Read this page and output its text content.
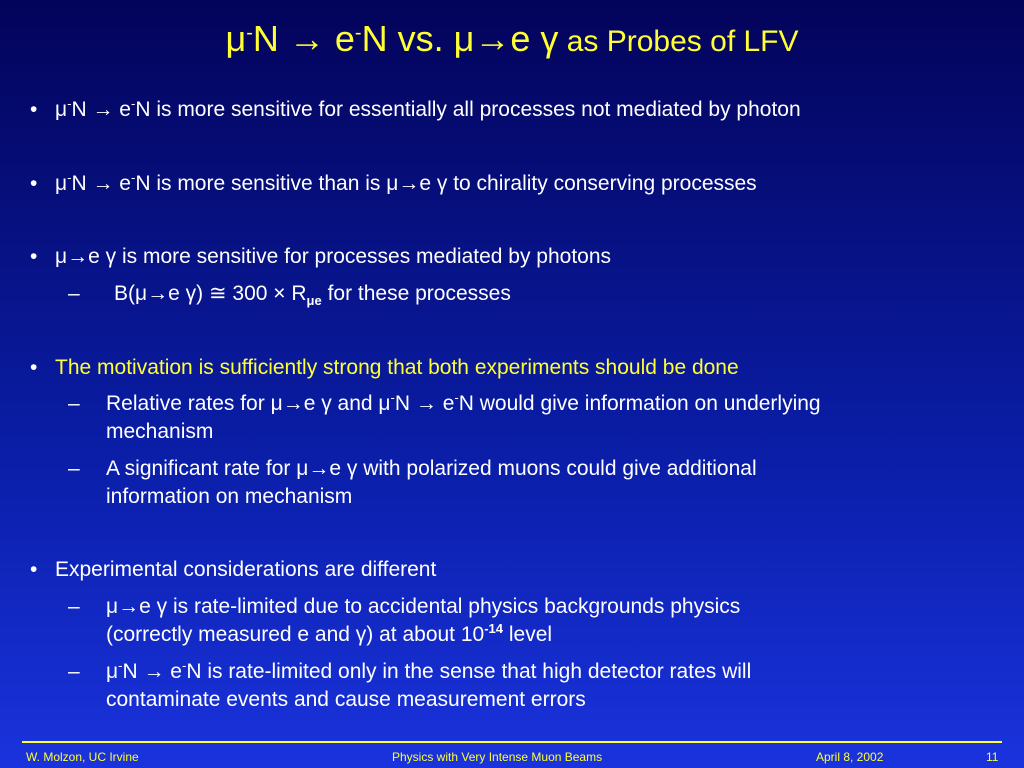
μ-N → e-N vs. μ→e γ as Probes of LFV
• μ-N → e-N is more sensitive for essentially all processes not mediated by photon
• μ-N → e-N is more sensitive than is μ→e γ to chirality conserving processes
• μ→e γ is more sensitive for processes mediated by photons
–	B(μ→e γ) ≅ $300 \times R_{\mu e}$ for these processes
• The motivation is sufficiently strong that both experiments should be done
–	Relative rates for μ→e γ and μ-N → e-N would give information on underlying
mechanism
–	A significant rate for μ→e γ with polarized muons could give additional
information on mechanism
• Experimental considerations are different
–	μ→e γ is rate-limited due to accidental physics backgrounds physics
(correctly measured e and γ) at about $10^{-14}$ level
–	μ-N → e-N is rate-limited only in the sense that high detector rates will
contaminate events and cause measurement errors
W. Molzon, UC Irvine	Physics with Very Intense Muon Beams	April 8, 2002	11
